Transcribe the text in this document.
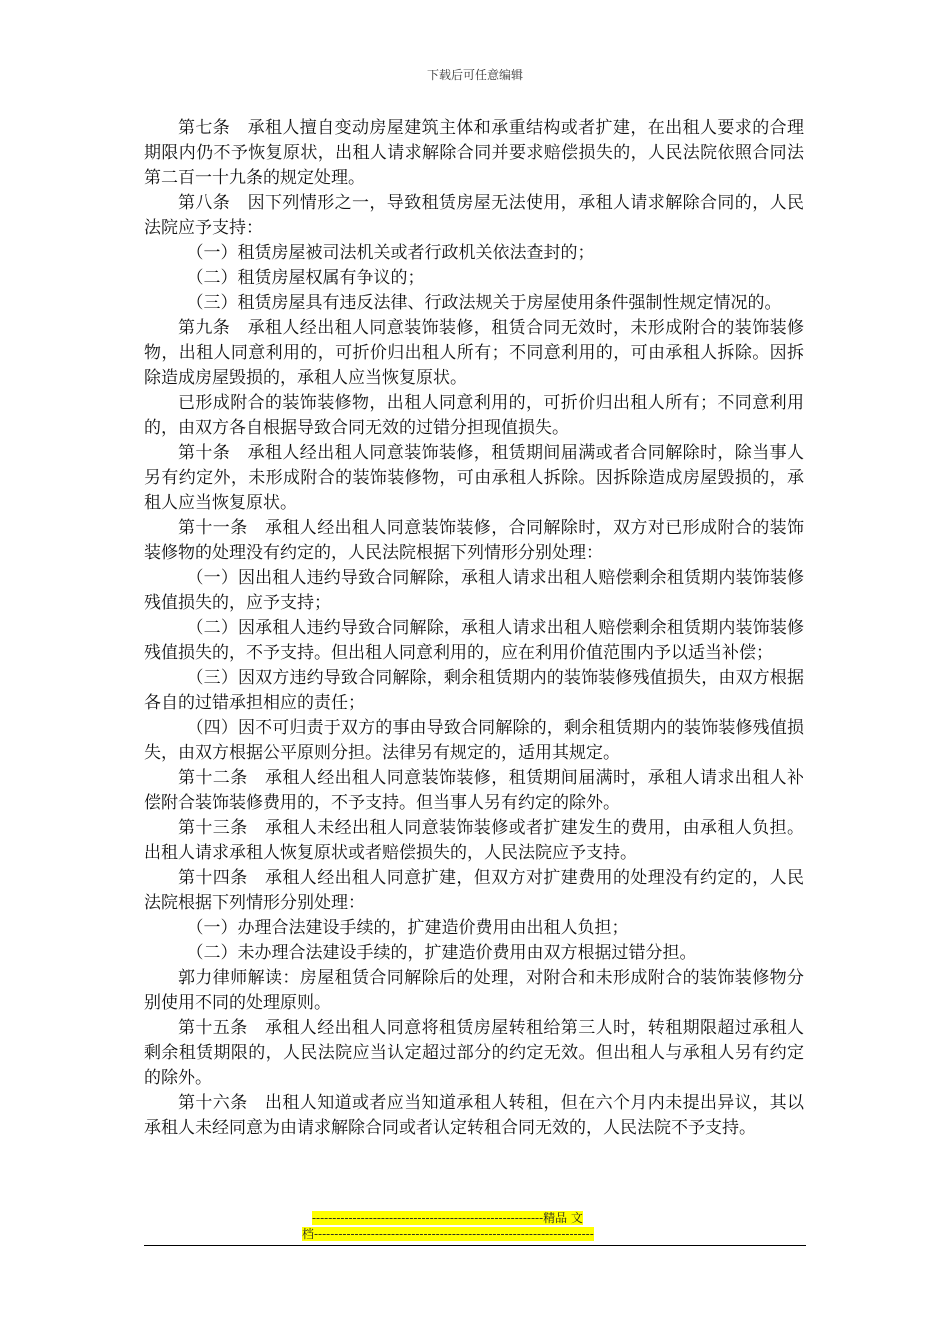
下载后可任意编辑

第七条　承租人擅自变动房屋建筑主体和承重结构或者扩建，在出租人要求的合理期限内仍不予恢复原状，出租人请求解除合同并要求赔偿损失的，人民法院依照合同法第二百一十九条的规定处理。

第八条　因下列情形之一，导致租赁房屋无法使用，承租人请求解除合同的，人民法院应予支持：

（一）租赁房屋被司法机关或者行政机关依法查封的；

（二）租赁房屋权属有争议的；

（三）租赁房屋具有违反法律、行政法规关于房屋使用条件强制性规定情况的。

第九条　承租人经出租人同意装饰装修，租赁合同无效时，未形成附合的装饰装修物，出租人同意利用的，可折价归出租人所有；不同意利用的，可由承租人拆除。因拆除造成房屋毁损的，承租人应当恢复原状。

已形成附合的装饰装修物，出租人同意利用的，可折价归出租人所有；不同意利用的，由双方各自根据导致合同无效的过错分担现值损失。

第十条　承租人经出租人同意装饰装修，租赁期间届满或者合同解除时，除当事人另有约定外，未形成附合的装饰装修物，可由承租人拆除。因拆除造成房屋毁损的，承租人应当恢复原状。

第十一条　承租人经出租人同意装饰装修，合同解除时，双方对已形成附合的装饰装修物的处理没有约定的，人民法院根据下列情形分别处理：

（一）因出租人违约导致合同解除，承租人请求出租人赔偿剩余租赁期内装饰装修残值损失的，应予支持；

（二）因承租人违约导致合同解除，承租人请求出租人赔偿剩余租赁期内装饰装修残值损失的，不予支持。但出租人同意利用的，应在利用价值范围内予以适当补偿；

（三）因双方违约导致合同解除，剩余租赁期内的装饰装修残值损失，由双方根据各自的过错承担相应的责任；

（四）因不可归责于双方的事由导致合同解除的，剩余租赁期内的装饰装修残值损失，由双方根据公平原则分担。法律另有规定的，适用其规定。

第十二条　承租人经出租人同意装饰装修，租赁期间届满时，承租人请求出租人补偿附合装饰装修费用的，不予支持。但当事人另有约定的除外。

第十三条　承租人未经出租人同意装饰装修或者扩建发生的费用，由承租人负担。出租人请求承租人恢复原状或者赔偿损失的，人民法院应予支持。

第十四条　承租人经出租人同意扩建，但双方对扩建费用的处理没有约定的，人民法院根据下列情形分别处理：

（一）办理合法建设手续的，扩建造价费用由出租人负担；

（二）未办理合法建设手续的，扩建造价费用由双方根据过错分担。

郭力律师解读：房屋租赁合同解除后的处理，对附合和未形成附合的装饰装修物分别使用不同的处理原则。

第十五条　承租人经出租人同意将租赁房屋转租给第三人时，转租期限超过承租人剩余租赁期限的，人民法院应当认定超过部分的约定无效。但出租人与承租人另有约定的除外。

第十六条　出租人知道或者应当知道承租人转租，但在六个月内未提出异议，其以承租人未经同意为由请求解除合同或者认定转租合同无效的，人民法院不予支持。

---------------------------------------------------------精品 文
档---------------------------------------------------------------------
